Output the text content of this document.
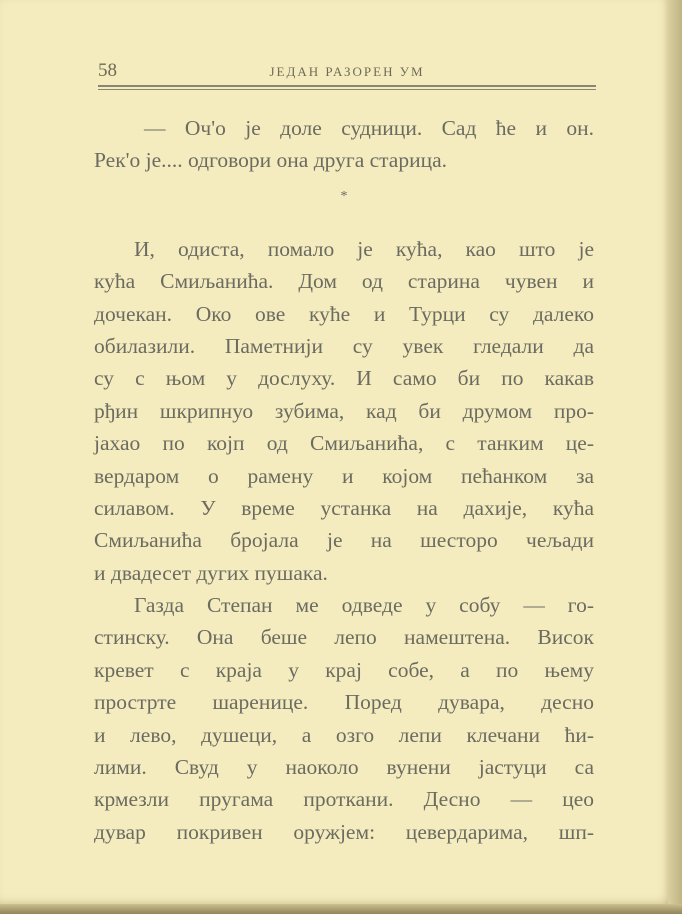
58	ЈЕДАН РАЗОРЕН УМ
— Оч'о је доле судници. Сад ће и он.
Рек'о је.... одговори она друга старица.
*
И, одиста, помало је кућа, као што је
кућа Смиљанића. Дом од старина чувен и
дочекан. Око ове куће и Турци су далеко
обилазили. Паметнији су увек гледали да
су с њом у дослуху. И само би по какав
рђин шкрипнуо зубима, кад би друмом про-
јахао по којп од Смиљанића, с танким це-
вердаром о рамену и којом пећанком за
силавом. У време устанка на дахије, кућа
Смиљанића бројала је на шесторо чељади
и двадесет дугих пушака.
Газда Степан ме одведе у собу — го-
стинску. Она беше лепо намештена. Висок
кревет с краја у крај собе, а по њему
прострте шаренице. Поред дувара, десно
и лево, душеци, а озго лепи клечани ћи-
лими. Свуд у наоколо вунени јастуци са
крмезли пругама проткани. Десно — цео
дувар покривен оружјем: цевердарима, шп-
